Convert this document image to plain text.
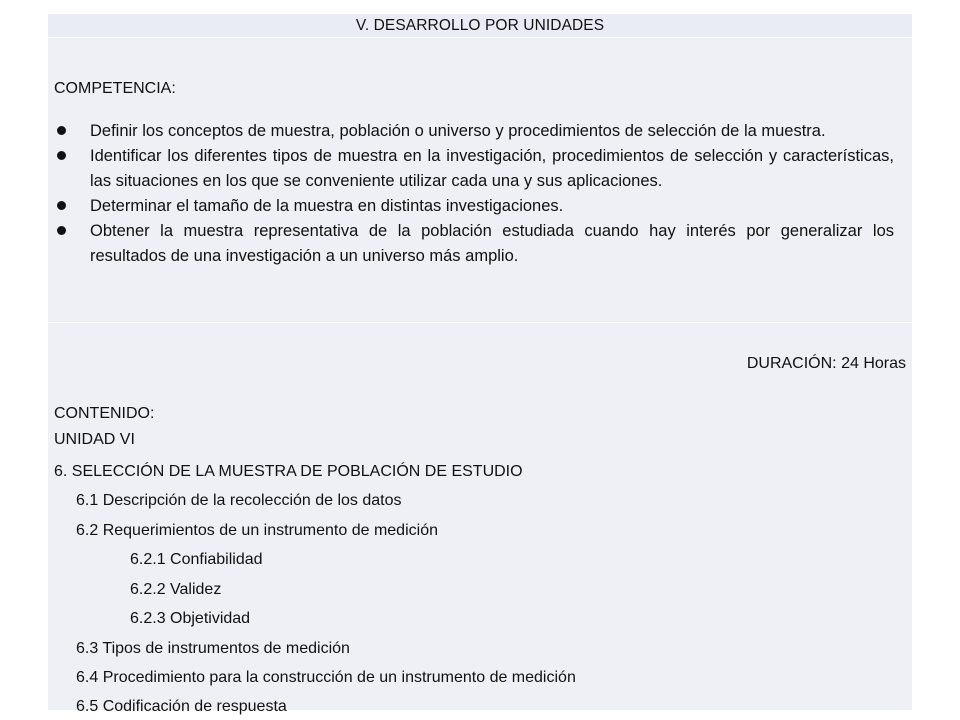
V. DESARROLLO POR UNIDADES
COMPETENCIA:
Definir los conceptos de muestra, población o universo y procedimientos de selección de la muestra.
Identificar los diferentes tipos de muestra en la investigación, procedimientos de selección y características, las situaciones en los que se conveniente utilizar cada una y sus aplicaciones.
Determinar el tamaño de la muestra en distintas investigaciones.
Obtener la muestra representativa de la población estudiada cuando hay interés por generalizar los resultados de una investigación a un universo más amplio.
DURACIÓN: 24 Horas
CONTENIDO:
UNIDAD VI
6. SELECCIÓN DE LA MUESTRA DE POBLACIÓN DE ESTUDIO
6.1 Descripción de la recolección de los datos
6.2 Requerimientos de un instrumento de medición
6.2.1 Confiabilidad
6.2.2 Validez
6.2.3 Objetividad
6.3 Tipos de instrumentos de medición
6.4 Procedimiento para la construcción de un instrumento de medición
6.5 Codificación de respuesta
